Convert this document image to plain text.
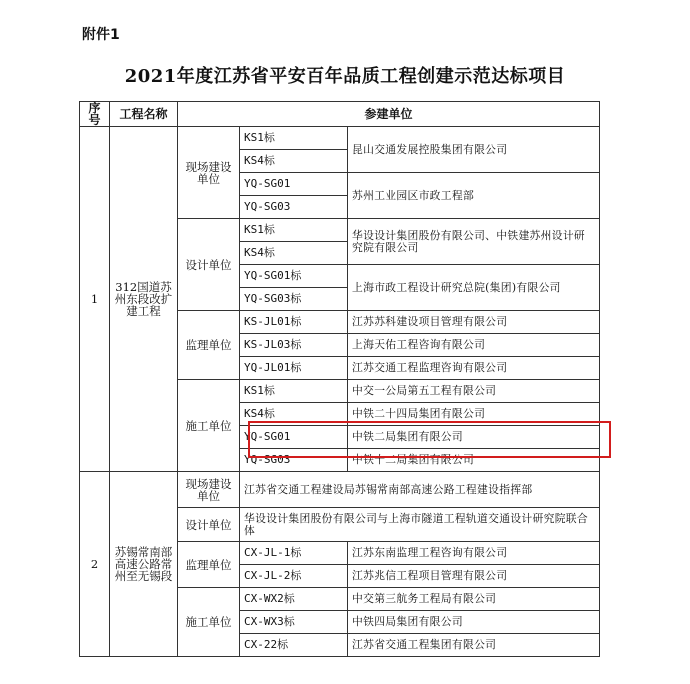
附件1
2021年度江苏省平安百年品质工程创建示范达标项目
序号	工程名称	参建单位		
1	312国道苏州东段改扩建工程	现场建设单位	KS1标	昆山交通发展控股集团有限公司
			KS4标	
			YQ-SG01	苏州工业园区市政工程部
			YQ-SG03	
		设计单位	KS1标	华设设计集团股份有限公司、中铁建苏州设计研究院有限公司
			KS4标	
			YQ-SG01标	上海市政工程设计研究总院(集团)有限公司
			YQ-SG03标	
		监理单位	KS-JL01标	江苏苏科建设项目管理有限公司
			KS-JL03标	上海天佑工程咨询有限公司
			YQ-JL01标	江苏交通工程监理咨询有限公司
		施工单位	KS1标	中交一公局第五工程有限公司
			KS4标	中铁二十四局集团有限公司
			YQ-SG01	中铁二局集团有限公司
			YQ-SG03	中铁十二局集团有限公司
2	苏锡常南部高速公路常州至无锡段	现场建设单位	江苏省交通工程建设局苏锡常南部高速公路工程建设指挥部	
		设计单位	华设设计集团股份有限公司与上海市隧道工程轨道交通设计研究院联合体	
		监理单位	CX-JL-1标	江苏东南监理工程咨询有限公司
			CX-JL-2标	江苏兆信工程项目管理有限公司
		施工单位	CX-WX2标	中交第三航务工程局有限公司
			CX-WX3标	中铁四局集团有限公司
			CX-22标	江苏省交通工程集团有限公司
